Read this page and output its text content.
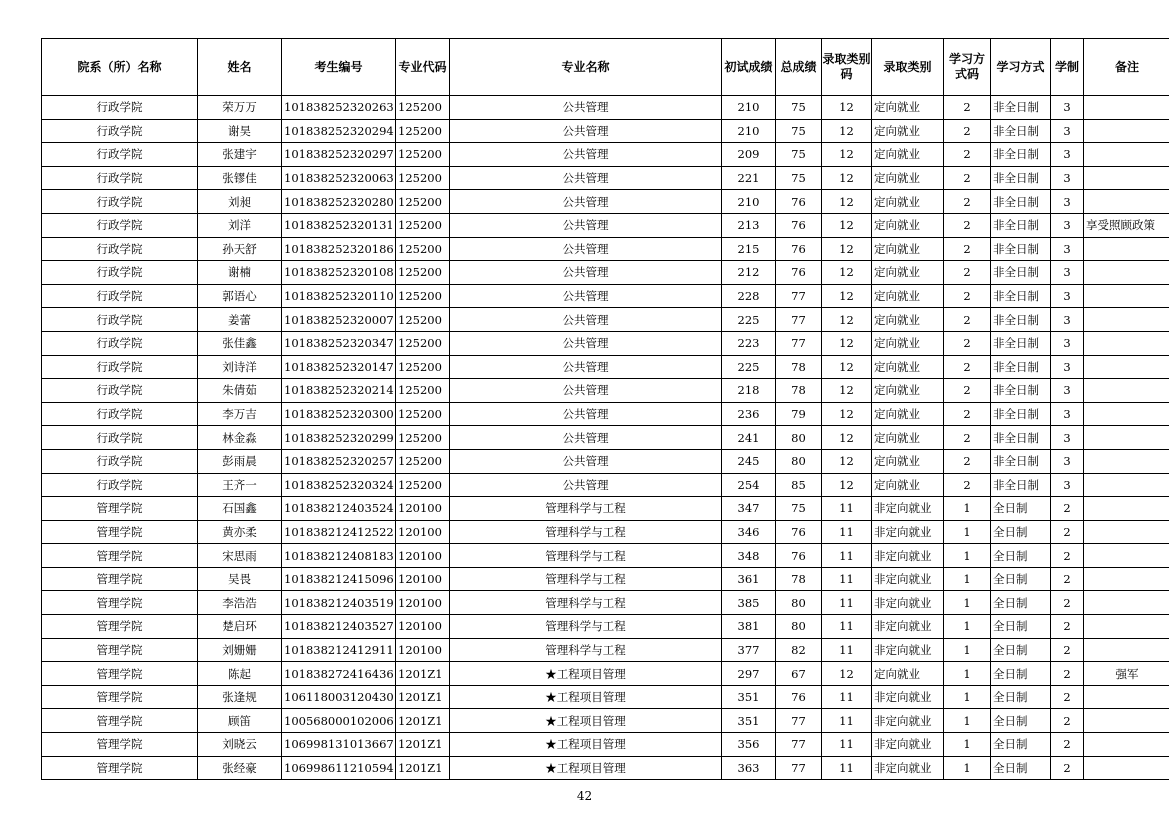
院系（所）名称	姓名	考生编号	专业代码	专业名称	初试成绩	总成绩	录取类别码	录取类别	学习方式码	学习方式	学制	备注
行政学院	荣万万	101838252320263	125200	公共管理	210	75	12	定向就业	2	非全日制	3	
行政学院	谢昊	101838252320294	125200	公共管理	210	75	12	定向就业	2	非全日制	3	
行政学院	张建宇	101838252320297	125200	公共管理	209	75	12	定向就业	2	非全日制	3	
行政学院	张镠佳	101838252320063	125200	公共管理	221	75	12	定向就业	2	非全日制	3	
行政学院	刘昶	101838252320280	125200	公共管理	210	76	12	定向就业	2	非全日制	3	
行政学院	刘洋	101838252320131	125200	公共管理	213	76	12	定向就业	2	非全日制	3	享受照顾政策
行政学院	孙天舒	101838252320186	125200	公共管理	215	76	12	定向就业	2	非全日制	3	
行政学院	谢楠	101838252320108	125200	公共管理	212	76	12	定向就业	2	非全日制	3	
行政学院	郭语心	101838252320110	125200	公共管理	228	77	12	定向就业	2	非全日制	3	
行政学院	姜蕾	101838252320007	125200	公共管理	225	77	12	定向就业	2	非全日制	3	
行政学院	张佳鑫	101838252320347	125200	公共管理	223	77	12	定向就业	2	非全日制	3	
行政学院	刘诗洋	101838252320147	125200	公共管理	225	78	12	定向就业	2	非全日制	3	
行政学院	朱倩茹	101838252320214	125200	公共管理	218	78	12	定向就业	2	非全日制	3	
行政学院	李万吉	101838252320300	125200	公共管理	236	79	12	定向就业	2	非全日制	3	
行政学院	林金淼	101838252320299	125200	公共管理	241	80	12	定向就业	2	非全日制	3	
行政学院	彭雨晨	101838252320257	125200	公共管理	245	80	12	定向就业	2	非全日制	3	
行政学院	王齐一	101838252320324	125200	公共管理	254	85	12	定向就业	2	非全日制	3	
管理学院	石国鑫	101838212403524	120100	管理科学与工程	347	75	11	非定向就业	1	全日制	2	
管理学院	黄亦柔	101838212412522	120100	管理科学与工程	346	76	11	非定向就业	1	全日制	2	
管理学院	宋思雨	101838212408183	120100	管理科学与工程	348	76	11	非定向就业	1	全日制	2	
管理学院	吴畏	101838212415096	120100	管理科学与工程	361	78	11	非定向就业	1	全日制	2	
管理学院	李浩浩	101838212403519	120100	管理科学与工程	385	80	11	非定向就业	1	全日制	2	
管理学院	楚启环	101838212403527	120100	管理科学与工程	381	80	11	非定向就业	1	全日制	2	
管理学院	刘姗姗	101838212412911	120100	管理科学与工程	377	82	11	非定向就业	1	全日制	2	
管理学院	陈起	101838272416436	1201Z1	★工程项目管理	297	67	12	定向就业	1	全日制	2	强军
管理学院	张逢规	106118003120430	1201Z1	★工程项目管理	351	76	11	非定向就业	1	全日制	2	
管理学院	顾笛	100568000102006	1201Z1	★工程项目管理	351	77	11	非定向就业	1	全日制	2	
管理学院	刘晓云	106998131013667	1201Z1	★工程项目管理	356	77	11	非定向就业	1	全日制	2	
管理学院	张经豪	106998611210594	1201Z1	★工程项目管理	363	77	11	非定向就业	1	全日制	2	
42
